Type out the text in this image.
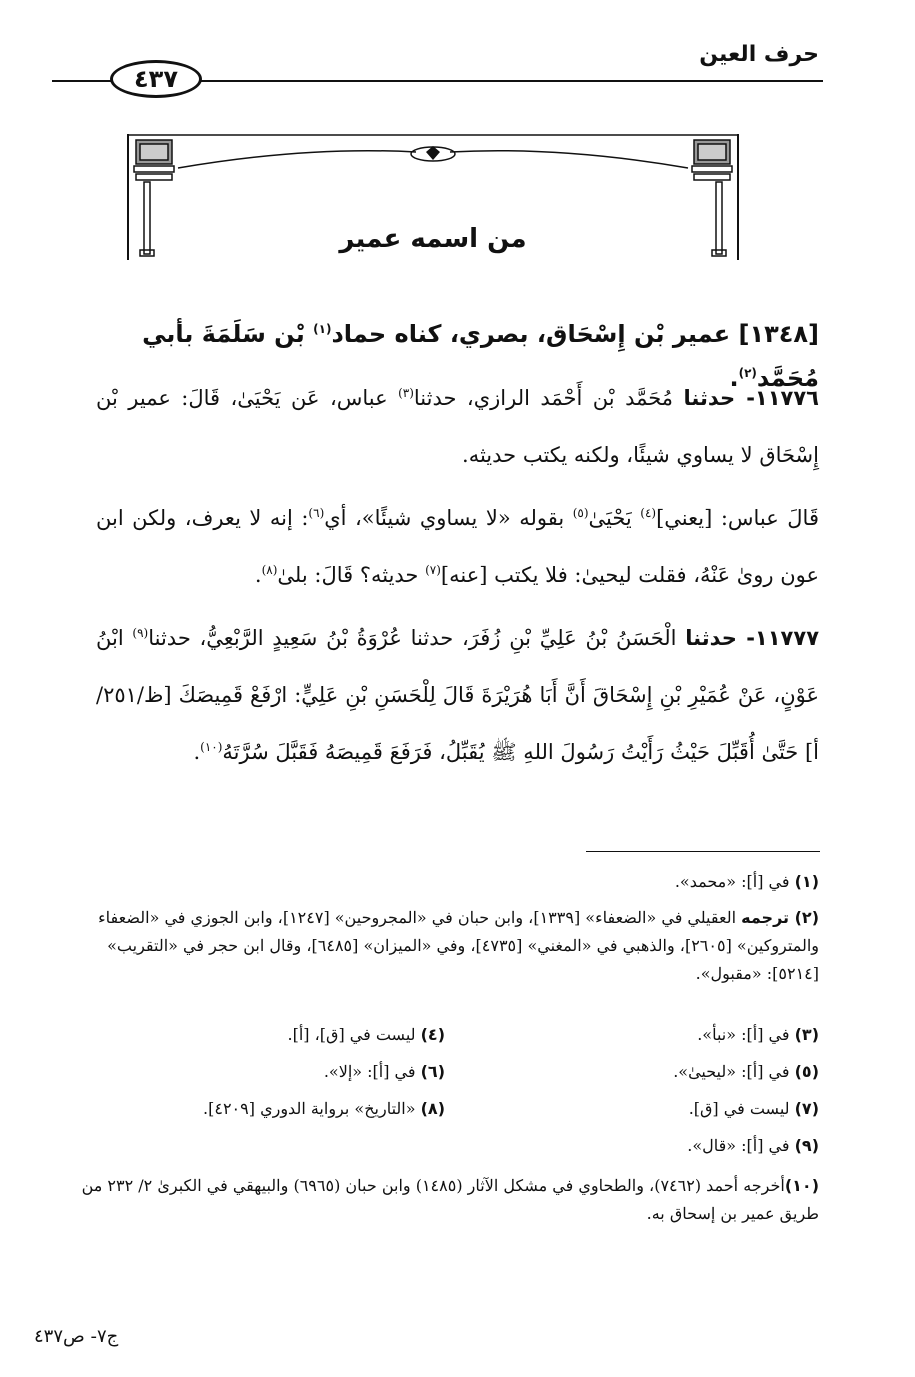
حرف العين
٤٣٧
من اسمه عمير
[١٣٤٨] عمير بْن إِسْحَاق، بصري، كناه حماد$^{(١)}$ بْن سَلَمَةَ بأبي مُحَمَّد$^{(٢)}$.
١١٧٧٦- حدثنا مُحَمَّد بْن أَحْمَد الرازي، حدثنا$^{(٣)}$ عباس، عَن يَحْيَىٰ، قَالَ: عمير بْن إِسْحَاق لا يساوي شيئًا، ولكنه يكتب حديثه.
قَالَ عباس: [يعني]$^{(٤)}$ يَحْيَىٰ$^{(٥)}$ بقوله «لا يساوي شيئًا»، أي$^{(٦)}$: إنه لا يعرف، ولكن ابن عون روىٰ عَنْهُ، فقلت ليحيىٰ: فلا يكتب [عنه]$^{(٧)}$ حديثه؟ قَالَ: بلىٰ$^{(٨)}$.
١١٧٧٧- حدثنا الْحَسَنُ بْنُ عَلِيِّ بْنِ زُفَرَ، حدثنا عُرْوَةُ بْنُ سَعِيدٍ الرَّبْعِيُّ، حدثنا$^{(٩)}$ ابْنُ عَوْنٍ، عَنْ عُمَيْرِ بْنِ إِسْحَاقَ أَنَّ أَبَا هُرَيْرَةَ قَالَ لِلْحَسَنِ بْنِ عَلِيٍّ: ارْفَعْ قَمِيصَكَ [ظ/٢٥١/أ] حَتَّىٰ أُقَبِّلَ حَيْثُ رَأَيْتُ رَسُولَ اللهِ ﷺ يُقَبِّلُ، فَرَفَعَ قَمِيصَهُ فَقَبَّلَ سُرَّتَهُ$^{(١٠)}$.
(١) في [أ]: «محمد».
(٢) ترجمه العقيلي في «الضعفاء» [١٣٣٩]، وابن حبان في «المجروحين» [١٢٤٧]، وابن الجوزي في «الضعفاء والمتروكين» [٢٦٠٥]، والذهبي في «المغني» [٤٧٣٥]، وفي «الميزان» [٦٤٨٥]، وقال ابن حجر في «التقريب» [٥٢١٤]: «مقبول».
(٣) في [أ]: «نبأ».
(٤) ليست في [ق]، [أ].
(٥) في [أ]: «ليحيىٰ».
(٦) في [أ]: «إلا».
(٧) ليست في [ق].
(٨) «التاريخ» برواية الدوري [٤٢٠٩].
(٩) في [أ]: «قال».
(١٠)أخرجه أحمد (٧٤٦٢)، والطحاوي في مشكل الآثار (١٤٨٥) وابن حبان (٦٩٦٥) والبيهقي في الكبرىٰ ٢/ ٢٣٢ من طريق عمير بن إسحاق به.
ج٧- ص٤٣٧
